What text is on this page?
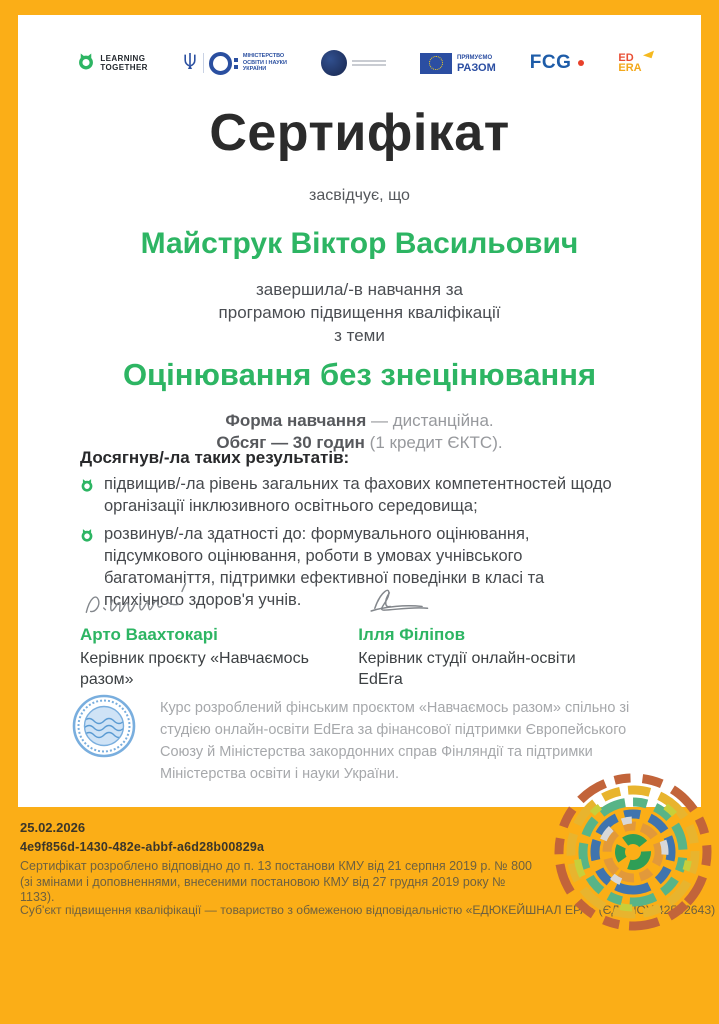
LEARNING
TOGETHER
МІНІСТЕРСТВО
ОСВІТИ І НАУКИ
УКРАЇНИ
ПРЯМУЄМО
РАЗОМ FCG	ED
ERA
Сертифікат
засвідчує, що
Майструк Віктор Васильович
завершила/-в навчання за
програмою підвищення кваліфікації
з теми
Оцінювання без знецінювання
Форма навчання — дистанційна.
Обсяг — 30 годин (1 кредит ЄКТС).
Досягнув/-ла таких результатів:
підвищив/-ла рівень загальних та фахових компетентностей щодо організації інклюзивного освітнього середовища;
розвинув/-ла здатності до: формувального оцінювання, підсумкового оцінювання, роботи в умовах учнівського багатоманіття, підтримки ефективної поведінки в класі та психічного здоров'я учнів.
Арто Ваахтокарі
Керівник проєкту «Навчаємось разом»
Ілля Філіпов
Керівник студії онлайн-освіти EdEra
Курс розроблений фінським проєктом «Навчаємось разом» спільно зі студією онлайн-освіти EdEra за фінансової підтримки Європейського Союзу й Міністерства закордонних справ Фінляндії та підтримки Міністерства освіти і науки України.
25.02.2026
4e9f856d-1430-482e-abbf-a6d28b00829a
Сертифікат розроблено відповідно до п. 13 постанови КМУ від 21 серпня 2019 р. № 800 (зі змінами і доповненнями, внесеними постановою КМУ від 27 грудня 2019 року № 1133).
Суб'єкт підвищення кваліфікації — товариство з обмеженою відповідальністю «ЕДЮКЕЙШНАЛ ЕРА» (ЄДРПОУ 42502643)
